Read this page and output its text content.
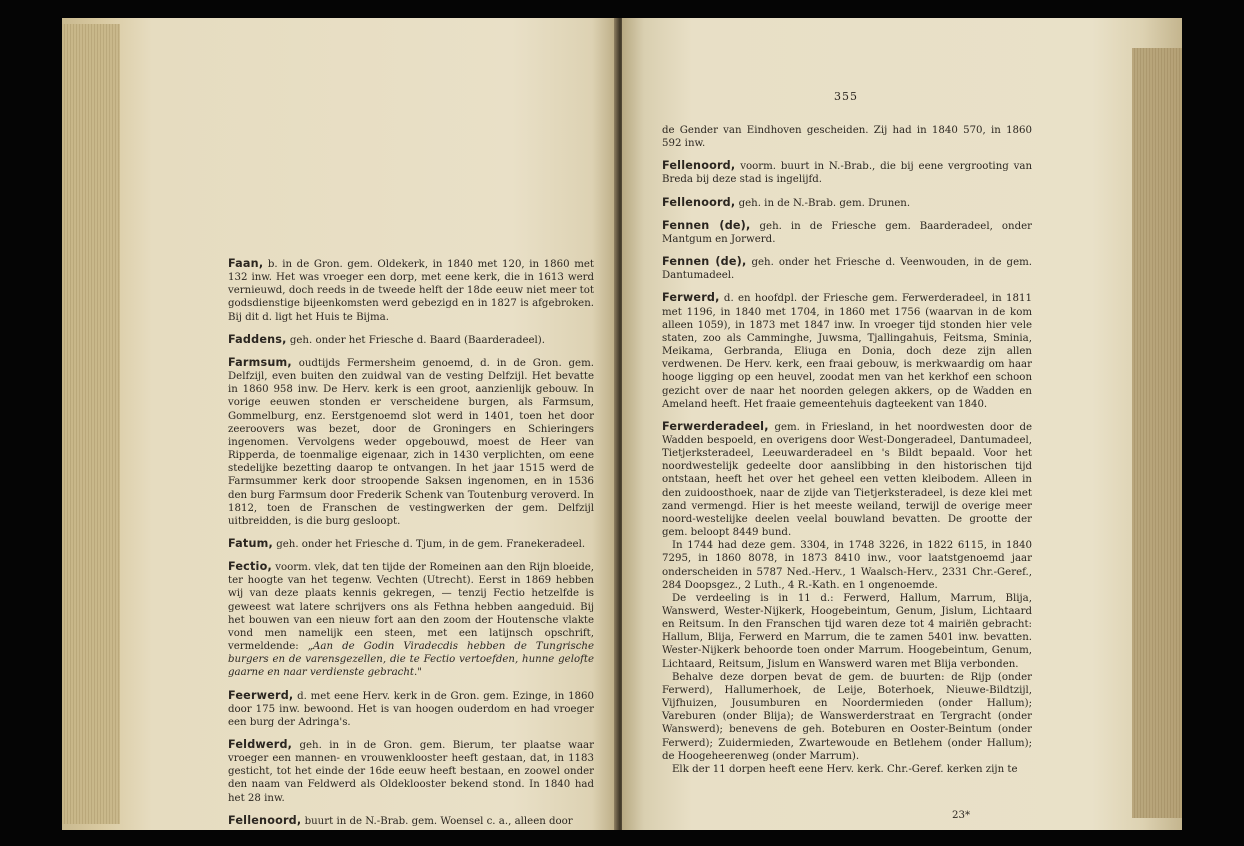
Faan, b. in de Gron. gem. Oldekerk, in 1840 met 120, in 1860 met 132 inw. Het was vroeger een dorp, met eene kerk, die in 1613 werd vernieuwd, doch reeds in de tweede helft der 18de eeuw niet meer tot godsdienstige bijeenkomsten werd gebezigd en in 1827 is afgebroken. Bij dit d. ligt het Huis te Bijma.

Faddens, geh. onder het Friesche d. Baard (Baarderadeel).

Farmsum, oudtijds Fermersheim genoemd, d. in de Gron. gem. Delfzijl, even buiten den zuidwal van de vesting Delfzijl. Het bevatte in 1860 958 inw. De Herv. kerk is een groot, aanzienlijk gebouw. In vorige eeuwen stonden er verscheidene burgen, als Farmsum, Gommelburg, enz. Eerstgenoemd slot werd in 1401, toen het door zeeroovers was bezet, door de Groningers en Schieringers ingenomen. Vervolgens weder opgebouwd, moest de Heer van Ripperda, de toenmalige eigenaar, zich in 1430 verplichten, om eene stedelijke bezetting daarop te ontvangen. In het jaar 1515 werd de Farmsummer kerk door stroopende Saksen ingenomen, en in 1536 den burg Farmsum door Frederik Schenk van Toutenburg veroverd. In 1812, toen de Franschen de vestingwerken der gem. Delfzijl uitbreidden, is die burg gesloopt.

Fatum, geh. onder het Friesche d. Tjum, in de gem. Franekeradeel.

Fectio, voorm. vlek, dat ten tijde der Romeinen aan den Rijn bloeide, ter hoogte van het tegenw. Vechten (Utrecht). Eerst in 1869 hebben wij van deze plaats kennis gekregen, — tenzij Fectio hetzelfde is geweest wat latere schrijvers ons als Fethna hebben aangeduid. Bij het bouwen van een nieuw fort aan den zoom der Houtensche vlakte vond men namelijk een steen, met een latijnsch opschrift, vermeldende: „Aan de Godin Viradecdis hebben de Tungrische burgers en de varensgezellen, die te Fectio vertoefden, hunne gelofte gaarne en naar verdienste gebracht."

Feerwerd, d. met eene Herv. kerk in de Gron. gem. Ezinge, in 1860 door 175 inw. bewoond. Het is van hoogen ouderdom en had vroeger een burg der Adringa's.

Feldwerd, geh. in in de Gron. gem. Bierum, ter plaatse waar vroeger een mannen- en vrouwenklooster heeft gestaan, dat, in 1183 gesticht, tot het einde der 16de eeuw heeft bestaan, en zoowel onder den naam van Feldwerd als Oldeklooster bekend stond. In 1840 had het 28 inw.

Fellenoord, buurt in de N.-Brab. gem. Woensel c. a., alleen door

355

de Gender van Eindhoven gescheiden. Zij had in 1840 570, in 1860 592 inw.

Fellenoord, voorm. buurt in N.-Brab., die bij eene vergrooting van Breda bij deze stad is ingelijfd.

Fellenoord, geh. in de N.-Brab. gem. Drunen.

Fennen (de), geh. in de Friesche gem. Baarderadeel, onder Mantgum en Jorwerd.

Fennen (de), geh. onder het Friesche d. Veenwouden, in de gem. Dantumadeel.

Ferwerd, d. en hoofdpl. der Friesche gem. Ferwerderadeel, in 1811 met 1196, in 1840 met 1704, in 1860 met 1756 (waarvan in de kom alleen 1059), in 1873 met 1847 inw. In vroeger tijd stonden hier vele staten, zoo als Camminghe, Juwsma, Tjallingahuis, Feitsma, Sminia, Meikama, Gerbranda, Eliuga en Donia, doch deze zijn allen verdwenen. De Herv. kerk, een fraai gebouw, is merkwaardig om haar hooge ligging op een heuvel, zoodat men van het kerkhof een schoon gezicht over de naar het noorden gelegen akkers, op de Wadden en Ameland heeft. Het fraaie gemeentehuis dagteekent van 1840.

Ferwerderadeel, gem. in Friesland, in het noordwesten door de Wadden bespoeld, en overigens door West-Dongeradeel, Dantumadeel, Tietjerksteradeel, Leeuwarderadeel en 's Bildt bepaald. Voor het noordwestelijk gedeelte door aanslibbing in den historischen tijd ontstaan, heeft het over het geheel een vetten kleibodem. Alleen in den zuidoosthoek, naar de zijde van Tietjerksteradeel, is deze klei met zand vermengd. Hier is het meeste weiland, terwijl de overige meer noord-westelijke deelen veelal bouwland bevatten. De grootte der gem. beloopt 8449 bund.

In 1744 had deze gem. 3304, in 1748 3226, in 1822 6115, in 1840 7295, in 1860 8078, in 1873 8410 inw., voor laatstgenoemd jaar onderscheiden in 5787 Ned.-Herv., 1 Waalsch-Herv., 2331 Chr.-Geref., 284 Doopsgez., 2 Luth., 4 R.-Kath. en 1 ongenoemde.

De verdeeling is in 11 d.: Ferwerd, Hallum, Marrum, Blija, Wanswerd, Wester-Nijkerk, Hoogebeintum, Genum, Jislum, Lichtaard en Reitsum. In den Franschen tijd waren deze tot 4 mairiën gebracht: Hallum, Blija, Ferwerd en Marrum, die te zamen 5401 inw. bevatten. Wester-Nijkerk behoorde toen onder Marrum. Hoogebeintum, Genum, Lichtaard, Reitsum, Jislum en Wanswerd waren met Blija verbonden.

Behalve deze dorpen bevat de gem. de buurten: de Rijp (onder Ferwerd), Hallumerhoek, de Leije, Boterhoek, Nieuwe-Bildtzijl, Vijfhuizen, Jousumburen en Noordermieden (onder Hallum); Vareburen (onder Blija); de Wanswerderstraat en Tergracht (onder Wanswerd); benevens de geh. Boteburen en Ooster-Beintum (onder Ferwerd); Zuidermieden, Zwartewoude en Betlehem (onder Hallum); de Hoogeheerenweg (onder Marrum).

Elk der 11 dorpen heeft eene Herv. kerk. Chr.-Geref. kerken zijn te

23*
